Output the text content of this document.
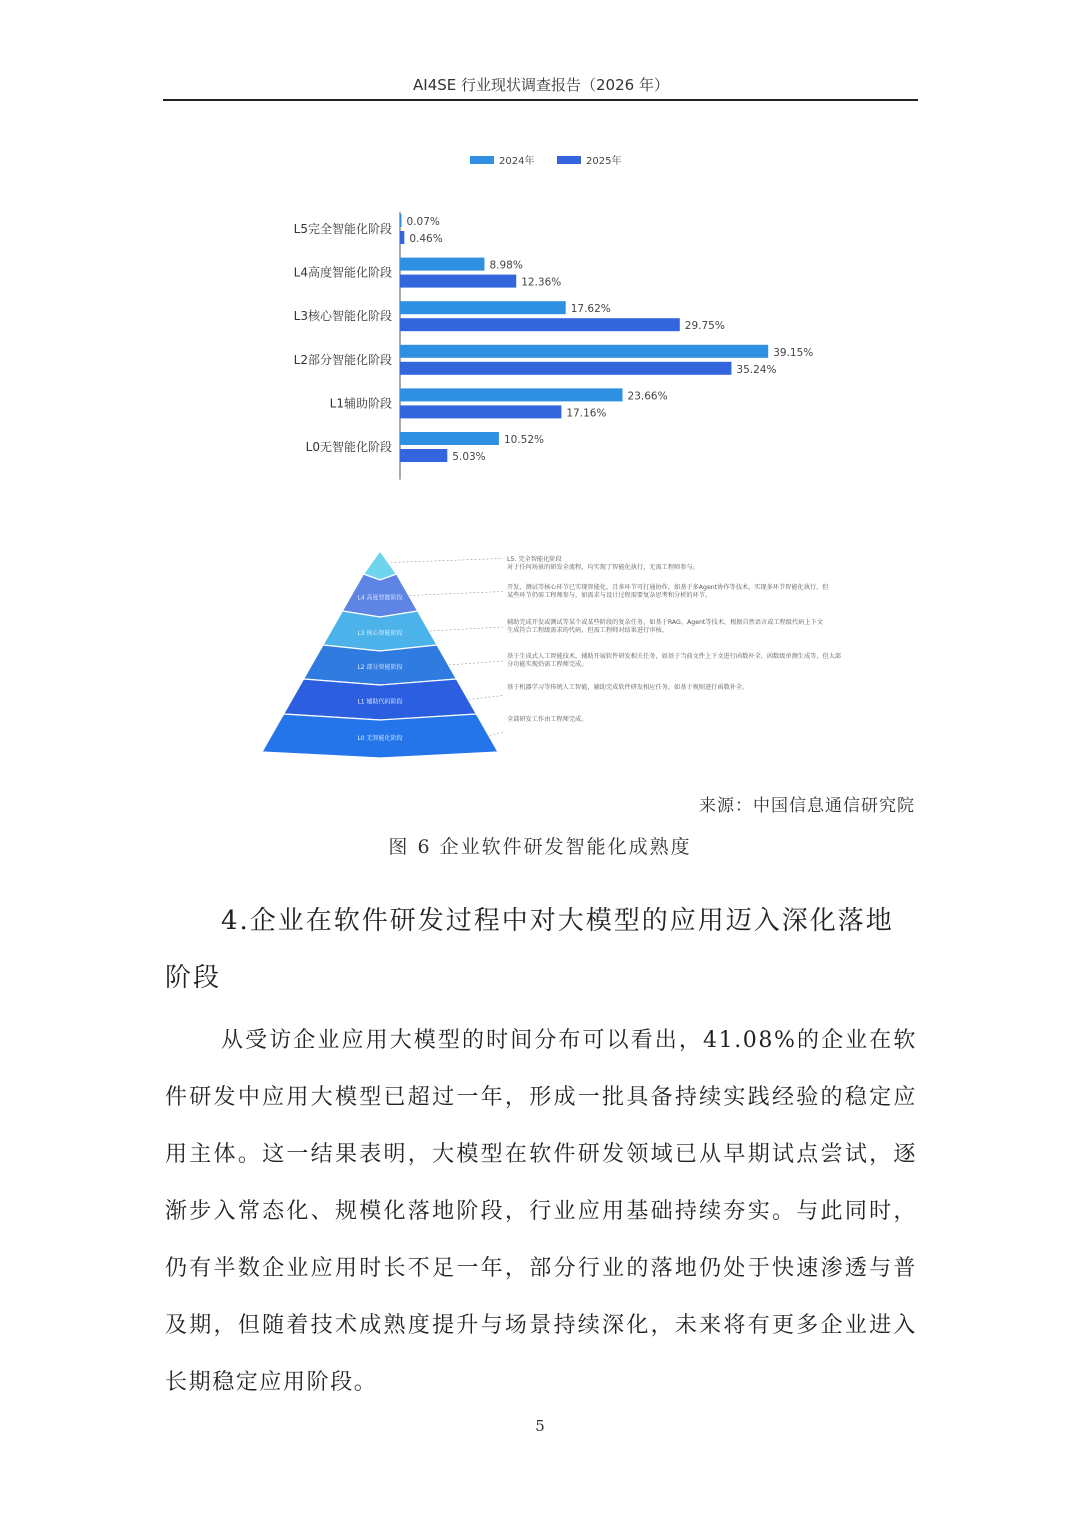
AI4SE 行业现状调查报告（2026 年）
2024年	2025年
L5完全智能化阶段 0.07%
0.46%
L4高度智能化阶段	8.98%
12.36%
L3核心智能化阶段	17.62%
29.75%
L2部分智能化阶段	39.15%
35.24%
L1辅助阶段	23.66%
17.16%
L0无智能化阶段	10.52%
5.03%
L4 高度智能阶段
L3 核心智能阶段
L2 部分智能阶段
L1 辅助代码阶段
L0 无智能化阶段
L5. 完全智能化阶段
对于任何场景的研发全流程，均实现了智能化执行，无需工程师参与。
开发、测试等核心环节已实现智能化，且多环节可打通协作，如基于多Agent协作等技术，实现多环节智能化执行，但
某些环节仍需工程师参与，如需求与设计过程需要复杂思考和分析的环节。
辅助完成开发或测试等某个或某些阶段的复杂任务，如基于RAG、Agent等技术，根据自然语言或工程级代码上下文
生成符合工程级需求的代码，但需工程师对结果进行审核。
基于生成式人工智能技术，辅助开展软件研发相关任务，如基于当前文件上下文进行函数补全、函数级单测生成等，但大部
分功能实现仍需工程师完成。
基于机器学习等传统人工智能，辅助完成软件研发相应任务，如基于规则进行函数补全。
全部研发工作由工程师完成。
来源：中国信息通信研究院
图 6 企业软件研发智能化成熟度
4.企业在软件研发过程中对大模型的应用迈入深化落地阶段
从受访企业应用大模型的时间分布可以看出，41.08%的企业在软件研发中应用大模型已超过一年，形成一批具备持续实践经验的稳定应用主体。这一结果表明，大模型在软件研发领域已从早期试点尝试，逐渐步入常态化、规模化落地阶段，行业应用基础持续夯实。与此同时，仍有半数企业应用时长不足一年，部分行业的落地仍处于快速渗透与普及期，但随着技术成熟度提升与场景持续深化，未来将有更多企业进入长期稳定应用阶段。
5
